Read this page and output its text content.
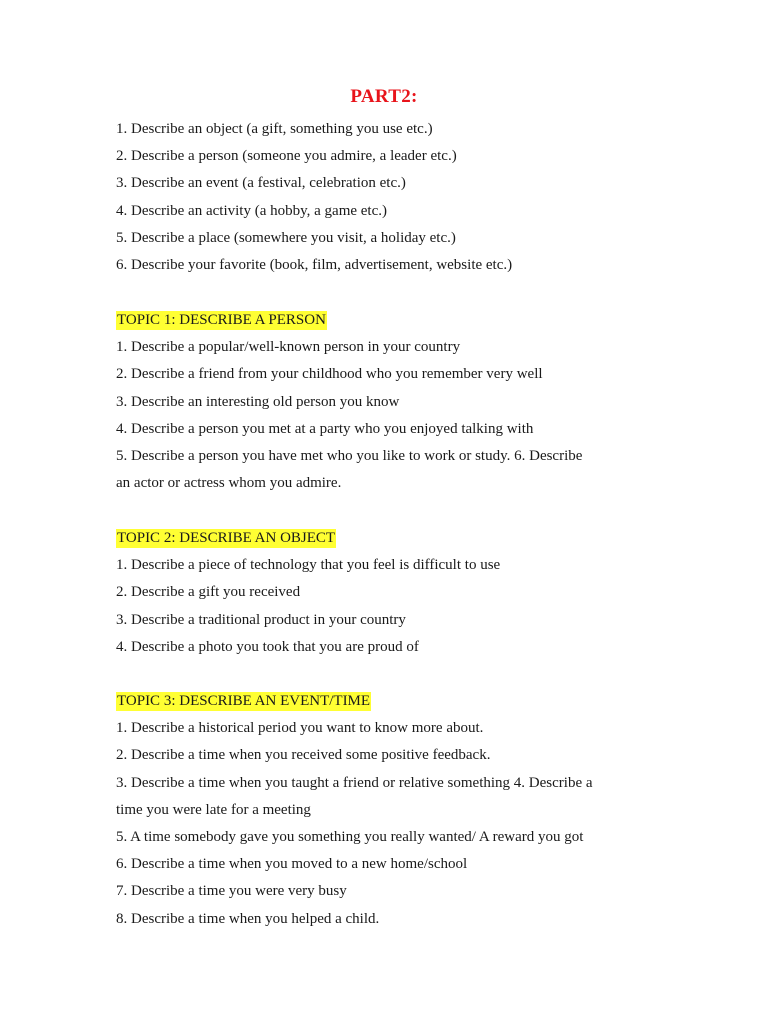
PART2:
1. Describe an object (a gift, something you use etc.)
2. Describe a person (someone you admire, a leader etc.)
3. Describe an event (a festival, celebration etc.)
4. Describe an activity (a hobby, a game etc.)
5. Describe a place (somewhere you visit, a holiday etc.)
6. Describe your favorite (book, film, advertisement, website etc.)
TOPIC 1: DESCRIBE A PERSON
1. Describe a popular/well-known person in your country
2. Describe a friend from your childhood who you remember very well
3. Describe an interesting old person you know
4. Describe a person you met at a party who you enjoyed talking with
5. Describe a person you have met who you like to work or study. 6. Describe
an actor or actress whom you admire.
TOPIC 2: DESCRIBE AN OBJECT
1. Describe a piece of technology that you feel is difficult to use
2. Describe a gift you received
3. Describe a traditional product in your country
4. Describe a photo you took that you are proud of
TOPIC 3: DESCRIBE AN EVENT/TIME
1. Describe a historical period you want to know more about.
2. Describe a time when you received some positive feedback.
3. Describe a time when you taught a friend or relative something 4. Describe a
time you were late for a meeting
5. A time somebody gave you something you really wanted/ A reward you got
6. Describe a time when you moved to a new home/school
7. Describe a time you were very busy
8. Describe a time when you helped a child.
